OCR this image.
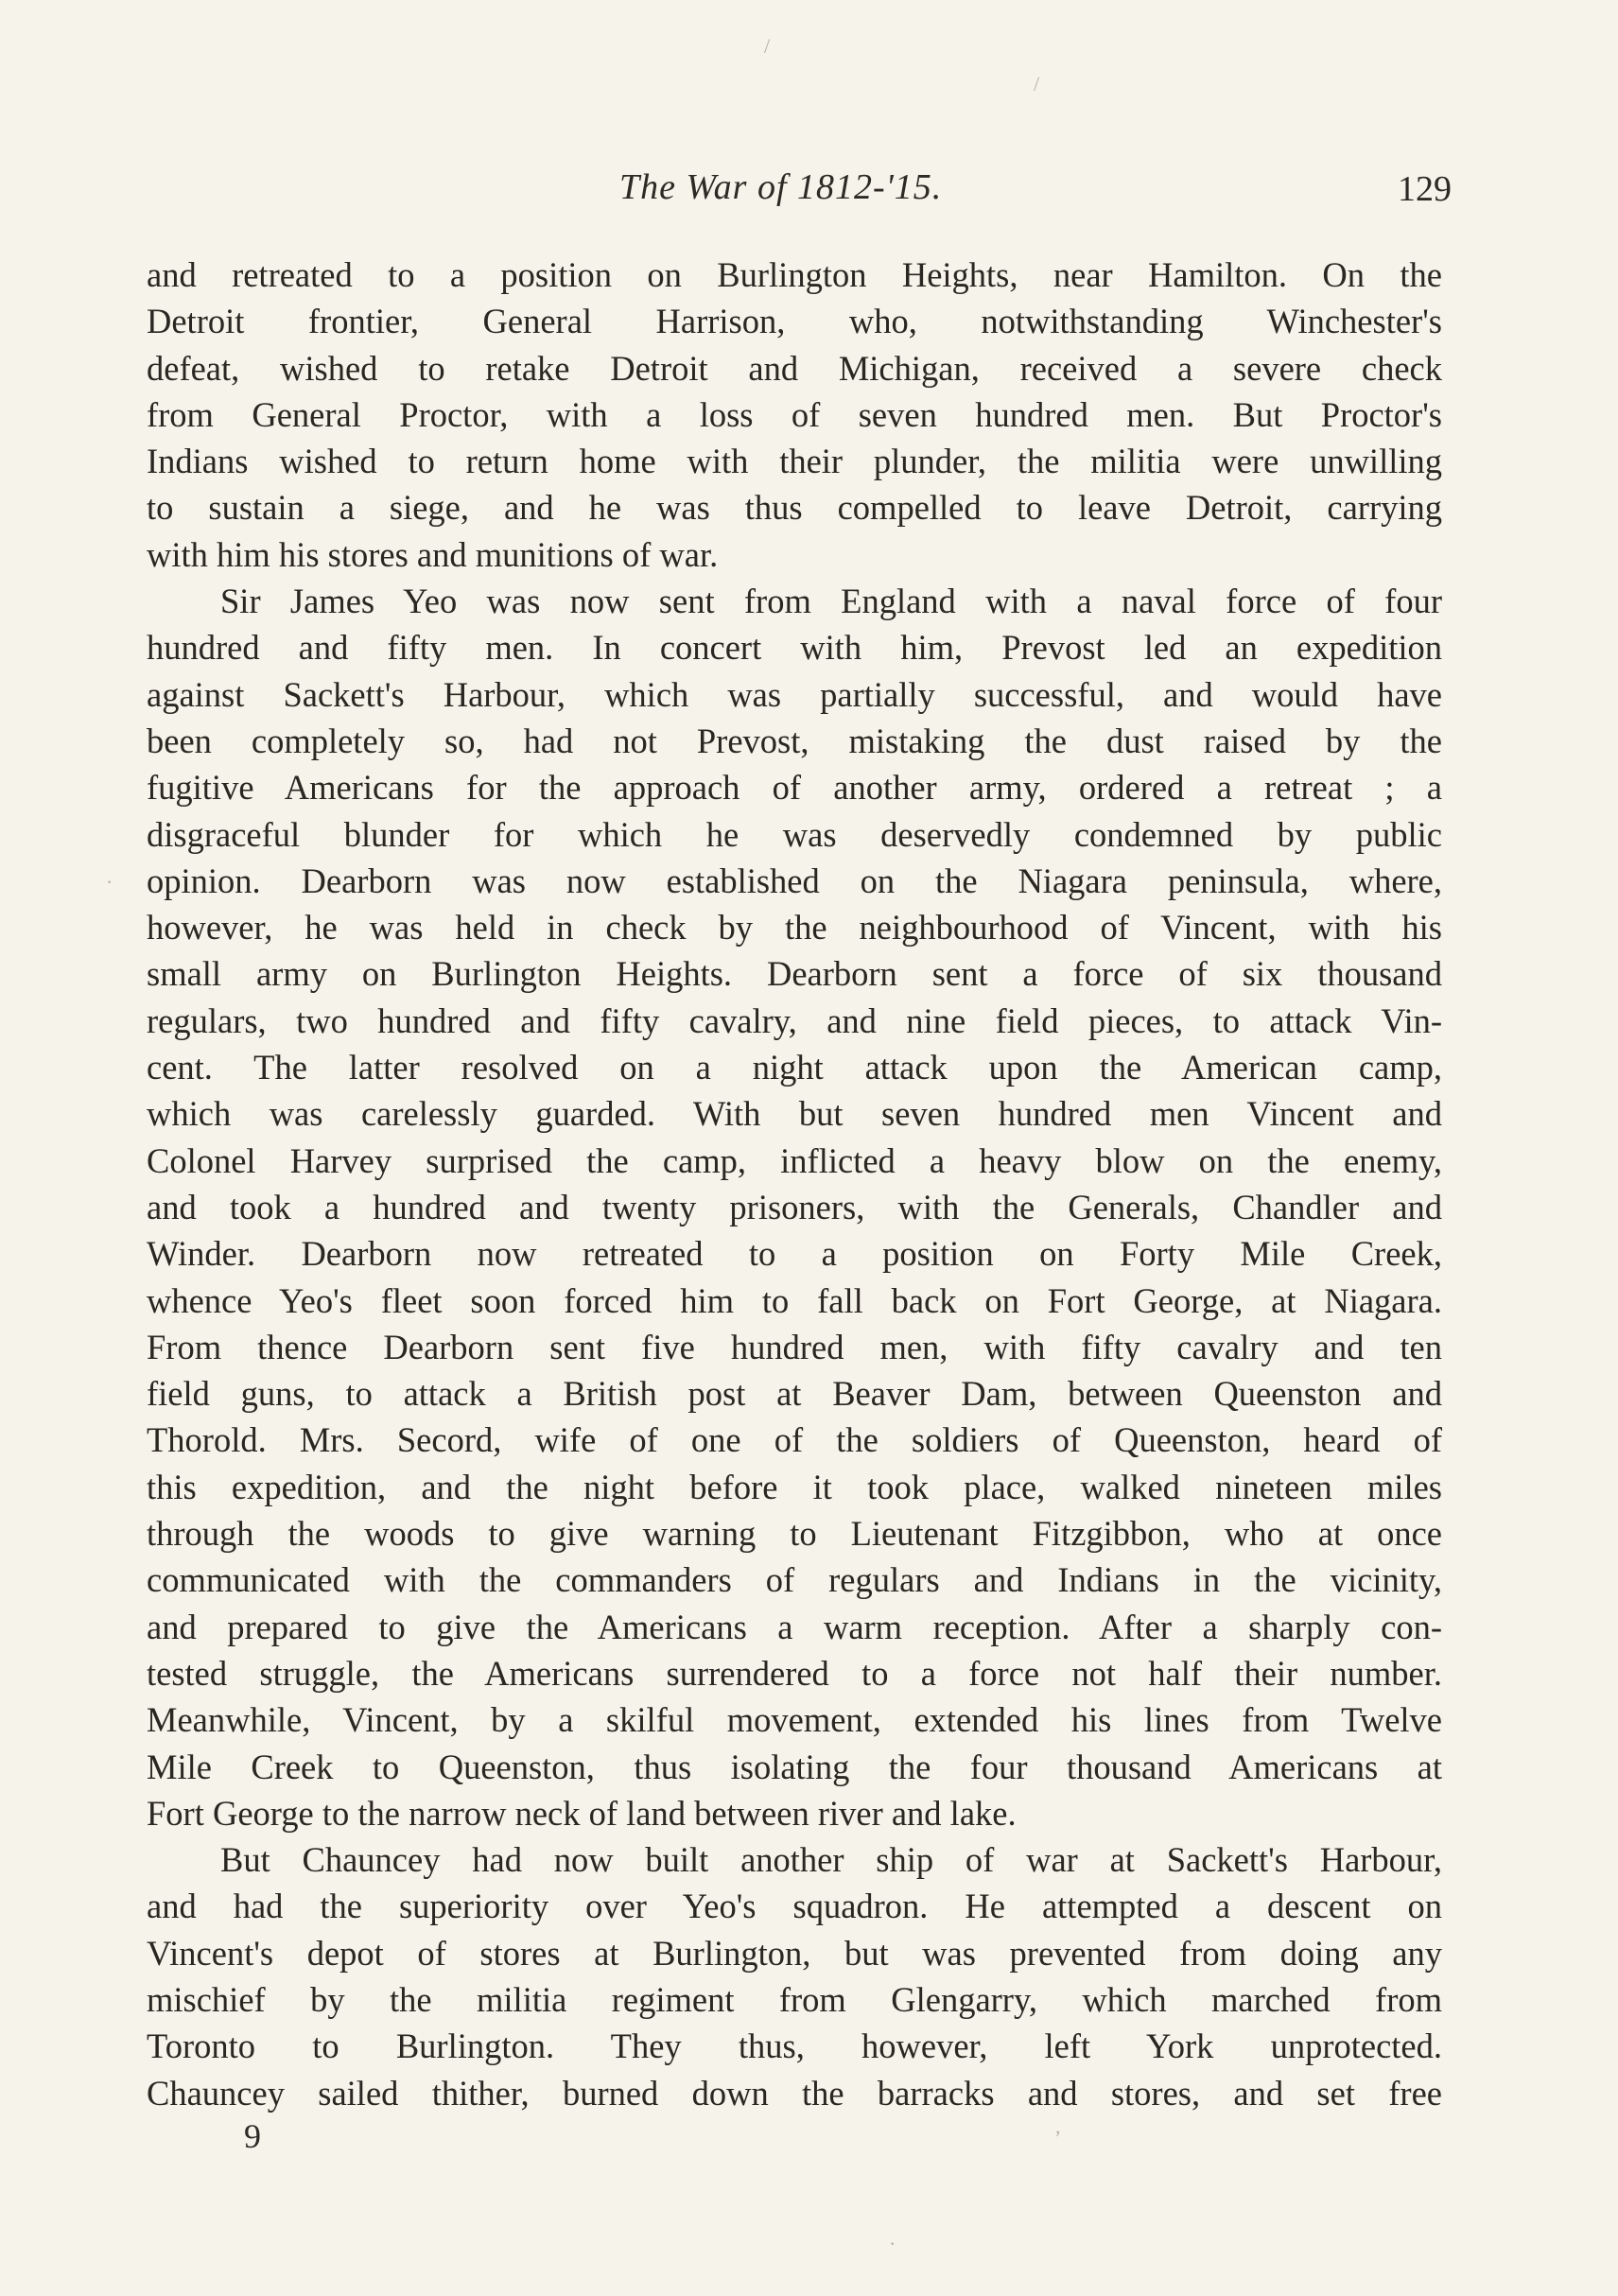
The War of 1812-'15.	129
and retreated to a position on Burlington Heights, near Hamilton. On the
Detroit frontier, General Harrison, who, notwithstanding Winchester's
defeat, wished to retake Detroit and Michigan, received a severe check
from General Proctor, with a loss of seven hundred men. But Proctor's
Indians wished to return home with their plunder, the militia were unwilling
to sustain a siege, and he was thus compelled to leave Detroit, carrying
with him his stores and munitions of war.
Sir James Yeo was now sent from England with a naval force of four
hundred and fifty men. In concert with him, Prevost led an expedition
against Sackett's Harbour, which was partially successful, and would have
been completely so, had not Prevost, mistaking the dust raised by the
fugitive Americans for the approach of another army, ordered a retreat ; a
disgraceful blunder for which he was deservedly condemned by public
opinion. Dearborn was now established on the Niagara peninsula, where,
however, he was held in check by the neighbourhood of Vincent, with his
small army on Burlington Heights. Dearborn sent a force of six thousand
regulars, two hundred and fifty cavalry, and nine field pieces, to attack Vin-
cent. The latter resolved on a night attack upon the American camp,
which was carelessly guarded. With but seven hundred men Vincent and
Colonel Harvey surprised the camp, inflicted a heavy blow on the enemy,
and took a hundred and twenty prisoners, with the Generals, Chandler and
Winder. Dearborn now retreated to a position on Forty Mile Creek,
whence Yeo's fleet soon forced him to fall back on Fort George, at Niagara.
From thence Dearborn sent five hundred men, with fifty cavalry and ten
field guns, to attack a British post at Beaver Dam, between Queenston and
Thorold. Mrs. Secord, wife of one of the soldiers of Queenston, heard of
this expedition, and the night before it took place, walked nineteen miles
through the woods to give warning to Lieutenant Fitzgibbon, who at once
communicated with the commanders of regulars and Indians in the vicinity,
and prepared to give the Americans a warm reception. After a sharply con-
tested struggle, the Americans surrendered to a force not half their number.
Meanwhile, Vincent, by a skilful movement, extended his lines from Twelve
Mile Creek to Queenston, thus isolating the four thousand Americans at
Fort George to the narrow neck of land between river and lake.
But Chauncey had now built another ship of war at Sackett's Harbour,
and had the superiority over Yeo's squadron. He attempted a descent on
Vincent's depot of stores at Burlington, but was prevented from doing any
mischief by the militia regiment from Glengarry, which marched from
Toronto to Burlington. They thus, however, left York unprotected.
Chauncey sailed thither, burned down the barracks and stores, and set free
9
/
/
·
·
,
